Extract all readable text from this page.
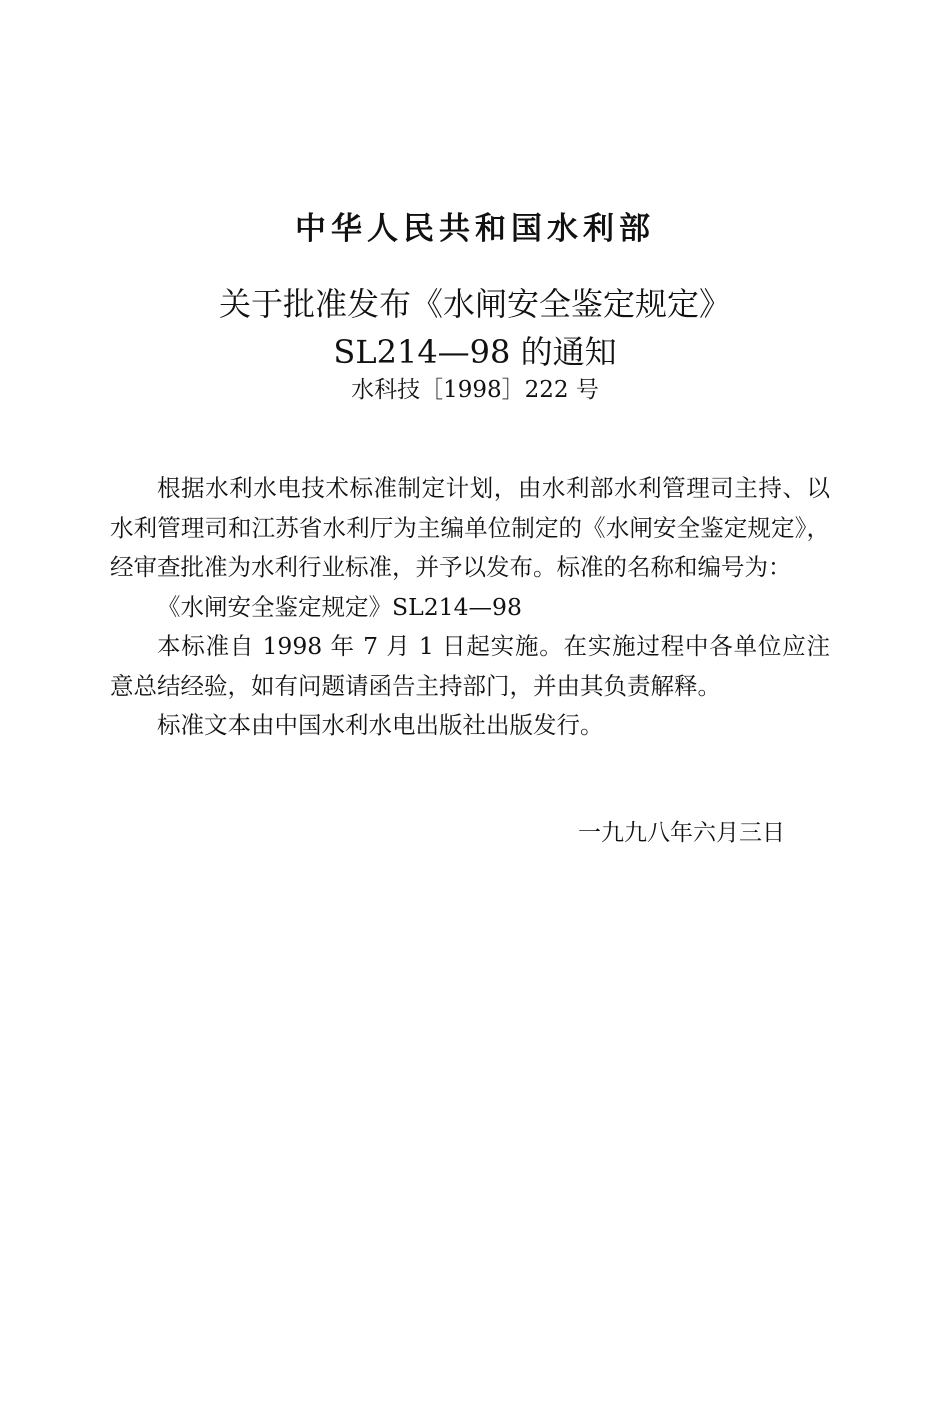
中华人民共和国水利部
关于批准发布《水闸安全鉴定规定》
SL214—98 的通知
水科技［1998］222 号

根据水利水电技术标准制定计划，由水利部水利管理司主持、以水利管理司和江苏省水利厅为主编单位制定的《水闸安全鉴定规定》，经审查批准为水利行业标准，并予以发布。标准的名称和编号为：

《水闸安全鉴定规定》SL214—98

本标准自 1998 年 7 月 1 日起实施。在实施过程中各单位应注意总结经验，如有问题请函告主持部门，并由其负责解释。

标准文本由中国水利水电出版社出版发行。

一九九八年六月三日
